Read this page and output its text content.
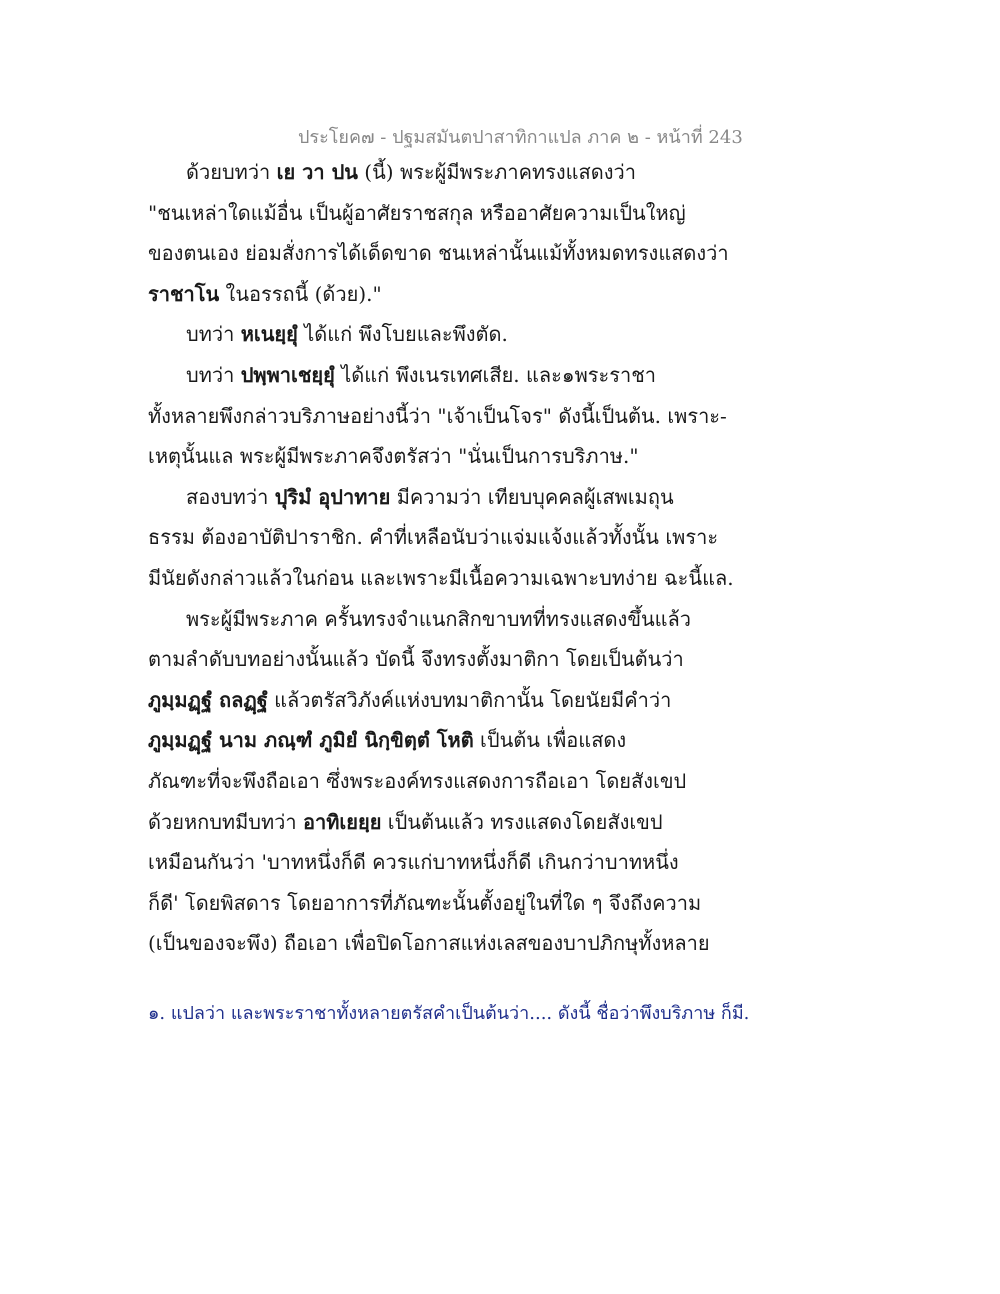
ประโยค๗ - ปฐมสมันตปาสาทิกาแปล ภาค ๒ - หน้าที่ 243
ด้วยบทว่า เย วา ปน (นี้) พระผู้มีพระภาคทรงแสดงว่า
"ชนเหล่าใดแม้อื่น เป็นผู้อาศัยราชสกุล หรืออาศัยความเป็นใหญ่
ของตนเอง ย่อมสั่งการได้เด็ดขาด ชนเหล่านั้นแม้ทั้งหมดทรงแสดงว่า
ราชาโน ในอรรถนี้ (ด้วย)."
บทว่า หเนยฺยุํ ได้แก่ พึงโบยและพึงตัด.
บทว่า ปพฺพาเชยฺยุํ ได้แก่ พึงเนรเทศเสีย. และ๑พระราชา
ทั้งหลายพึงกล่าวบริภาษอย่างนี้ว่า "เจ้าเป็นโจร" ดังนี้เป็นต้น. เพราะ-
เหตุนั้นแล พระผู้มีพระภาคจึงตรัสว่า "นั่นเป็นการบริภาษ."
สองบทว่า ปุริมํ อุปาทาย มีความว่า เทียบบุคคลผู้เสพเมถุน
ธรรม ต้องอาบัติปาราชิก. คำที่เหลือนับว่าแจ่มแจ้งแล้วทั้งนั้น เพราะ
มีนัยดังกล่าวแล้วในก่อน และเพราะมีเนื้อความเฉพาะบทง่าย ฉะนี้แล.
พระผู้มีพระภาค ครั้นทรงจำแนกสิกขาบทที่ทรงแสดงขึ้นแล้ว
ตามลำดับบทอย่างนั้นแล้ว บัดนี้ จึงทรงตั้งมาติกา โดยเป็นต้นว่า
ภูมฺมฏฺฐํ ถลฏฺฐํ แล้วตรัสวิภังค์แห่งบทมาติกานั้น โดยนัยมีคำว่า
ภูมฺมฏฺฐํ นาม ภณฺฑํ ภูมิยํ นิกฺขิตฺตํ โหติ เป็นต้น เพื่อแสดง
ภัณฑะที่จะพึงถือเอา ซึ่งพระองค์ทรงแสดงการถือเอา โดยสังเขป
ด้วยหกบทมีบทว่า อาทิเยยฺย เป็นต้นแล้ว ทรงแสดงโดยสังเขป
เหมือนกันว่า 'บาทหนึ่งก็ดี ควรแก่บาทหนึ่งก็ดี เกินกว่าบาทหนึ่ง
ก็ดี' โดยพิสดาร โดยอาการที่ภัณฑะนั้นตั้งอยู่ในที่ใด ๆ จึงถึงความ
(เป็นของจะพึง) ถือเอา เพื่อปิดโอกาสแห่งเลสของบาปภิกษุทั้งหลาย
๑. แปลว่า และพระราชาทั้งหลายตรัสคำเป็นต้นว่า.... ดังนี้ ชื่อว่าพึงบริภาษ ก็มี.
